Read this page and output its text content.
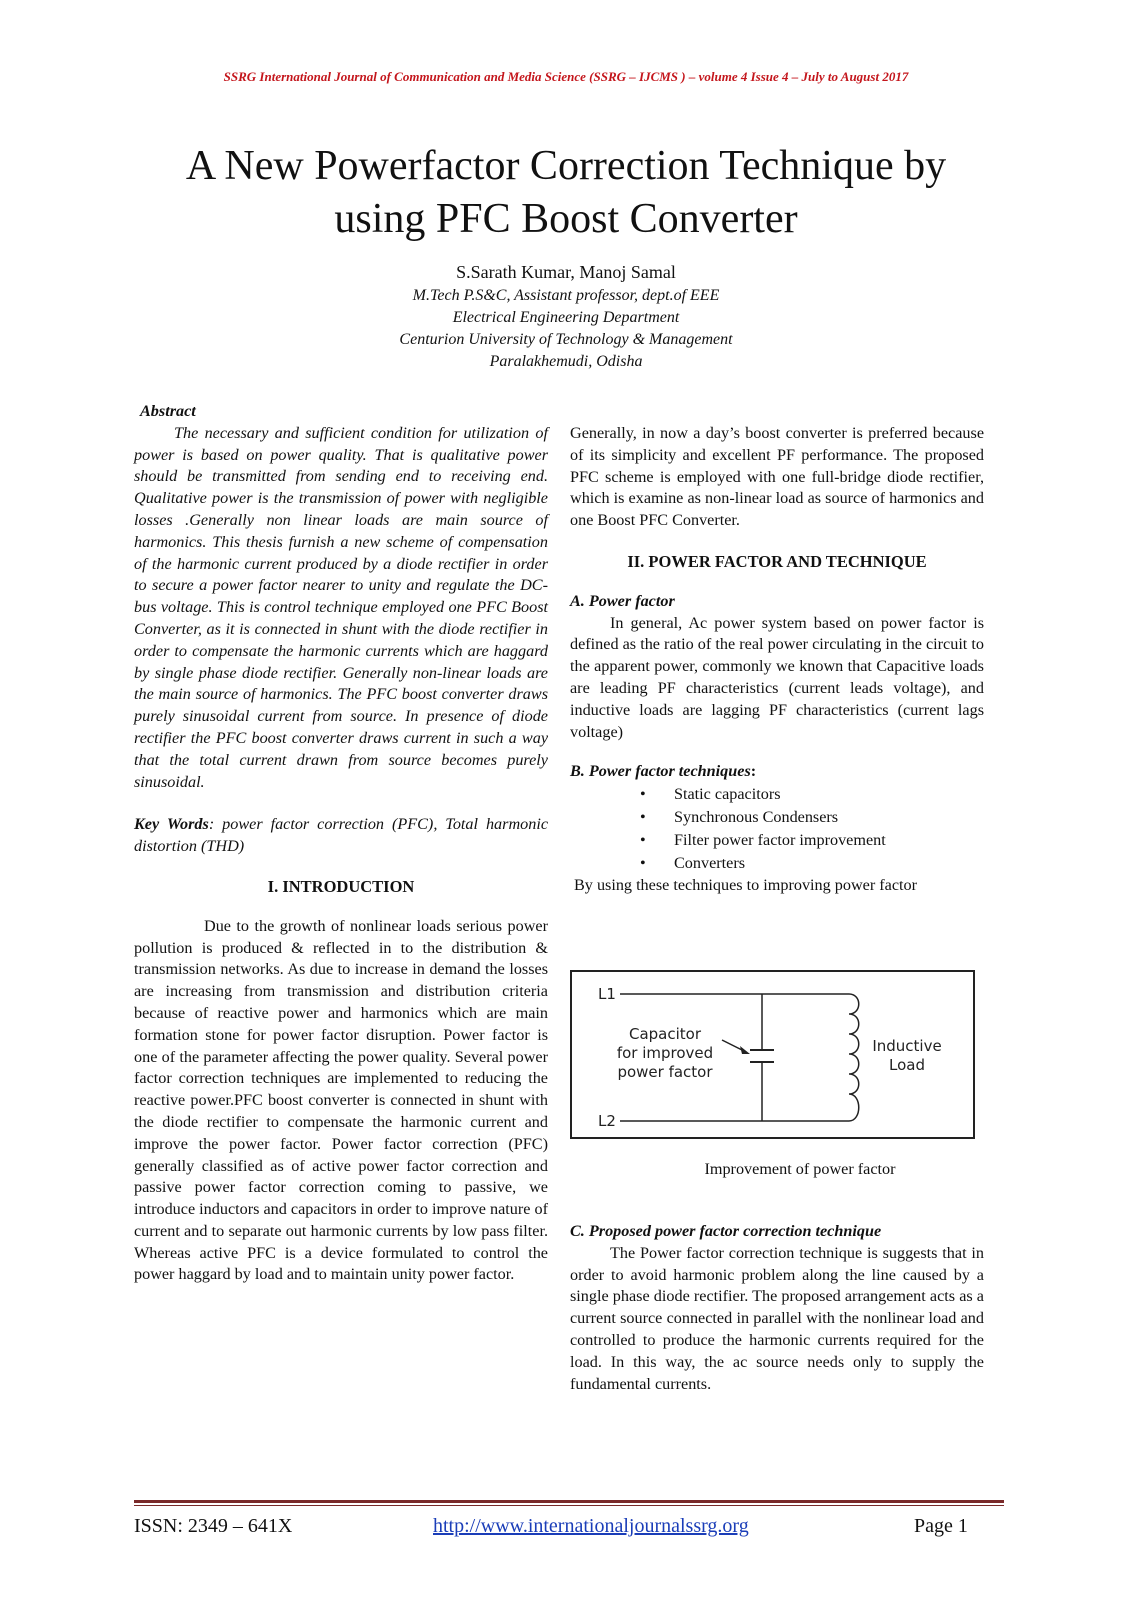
SSRG International Journal of Communication and Media Science (SSRG – IJCMS ) – volume 4 Issue 4 – July to August 2017
A New Powerfactor Correction Technique by
using PFC Boost Converter
S.Sarath Kumar, Manoj Samal
M.Tech P.S&C, Assistant professor, dept.of EEE
Electrical Engineering Department
Centurion University of Technology & Management
Paralakhemudi, Odisha

Abstract

The necessary and sufficient condition for utilization of power is based on power quality. That is qualitative power should be transmitted from sending end to receiving end. Qualitative power is the transmission of power with negligible losses .Generally non linear loads are main source of harmonics. This thesis furnish a new scheme of compensation of the harmonic current produced by a diode rectifier in order to secure a power factor nearer to unity and regulate the DC-bus voltage. This is control technique employed one PFC Boost Converter, as it is connected in shunt with the diode rectifier in order to compensate the harmonic currents which are haggard by single phase diode rectifier. Generally non-linear loads are the main source of harmonics. The PFC boost converter draws purely sinusoidal current from source. In presence of diode rectifier the PFC boost converter draws current in such a way that the total current drawn from source becomes purely sinusoidal.

Key Words: power factor correction (PFC), Total harmonic distortion (THD)

I. INTRODUCTION

Due to the growth of nonlinear loads serious power pollution is produced & reflected in to the distribution & transmission networks. As due to increase in demand the losses are increasing from transmission and distribution criteria because of reactive power and harmonics which are main formation stone for power factor disruption. Power factor is one of the parameter affecting the power quality. Several power factor correction techniques are implemented to reducing the reactive power.PFC boost converter is connected in shunt with the diode rectifier to compensate the harmonic current and improve the power factor. Power factor correction (PFC) generally classified as of active power factor correction and passive power factor correction coming to passive, we introduce inductors and capacitors in order to improve nature of current and to separate out harmonic currents by low pass filter. Whereas active PFC is a device formulated to control the power haggard by load and to maintain unity power factor.

Generally, in now a day’s boost converter is preferred because of its simplicity and excellent PF performance. The proposed PFC scheme is employed with one full-bridge diode rectifier, which is examine as non-linear load as source of harmonics and one Boost PFC Converter.

II. POWER FACTOR AND TECHNIQUE

A. Power factor

In general, Ac power system based on power factor is defined as the ratio of the real power circulating in the circuit to the apparent power, commonly we known that Capacitive loads are leading PF characteristics (current leads voltage), and inductive loads are lagging PF characteristics (current lags voltage)

B. Power factor techniques:

• Static capacitors
• Synchronous Condensers
• Filter power factor improvement
• Converters

By using these techniques to improving power factor

L1
L2
Capacitor
for improved
power factor
Inductive
Load
Improvement of power factor

C. Proposed power factor correction technique

The Power factor correction technique is suggests that in order to avoid harmonic problem along the line caused by a single phase diode rectifier. The proposed arrangement acts as a current source connected in parallel with the nonlinear load and controlled to produce the harmonic currents required for the load. In this way, the ac source needs only to supply the fundamental currents.

ISSN: 2349 – 641X	http://www.internationaljournalssrg.org	Page 1
